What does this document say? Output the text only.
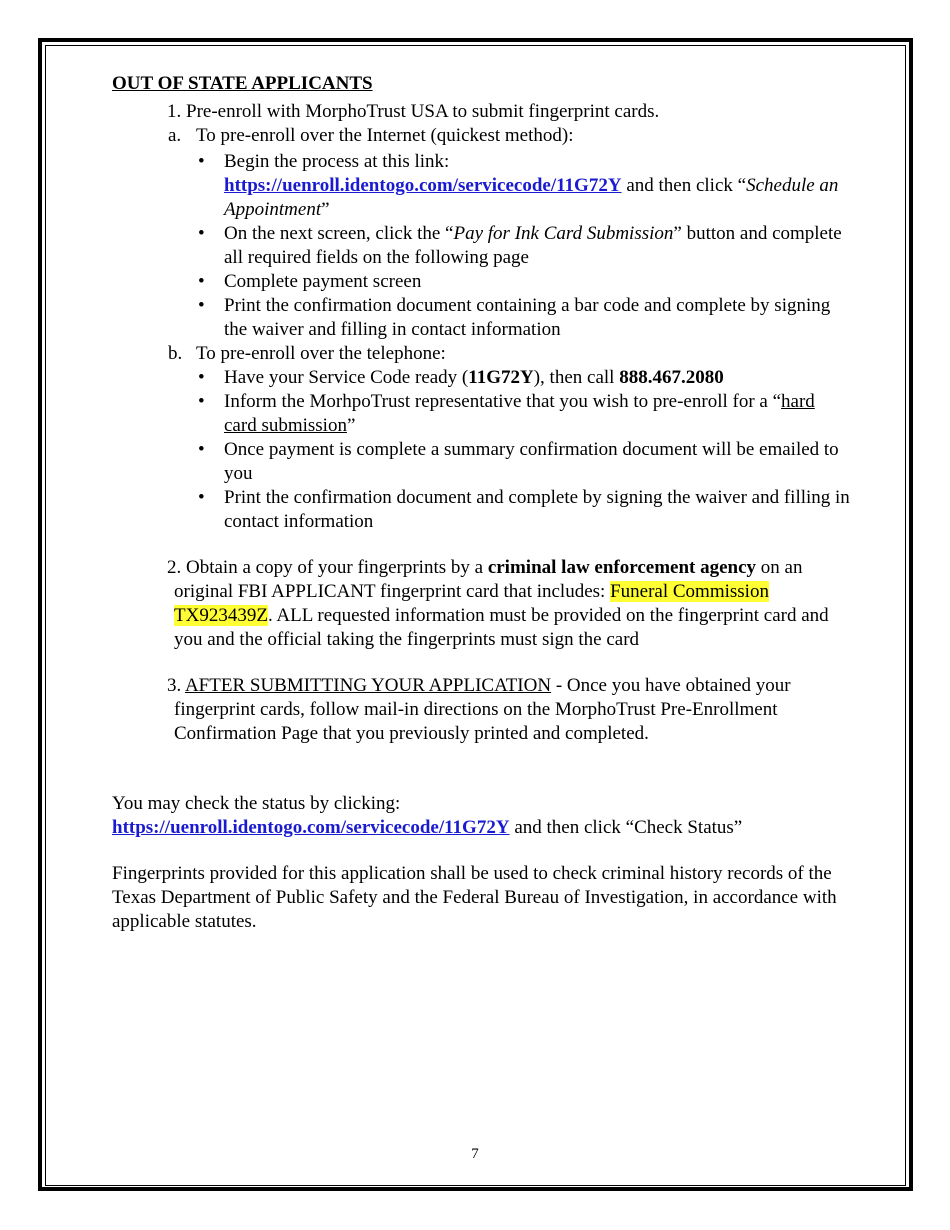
OUT OF STATE APPLICANTS

1. Pre-enroll with MorphoTrust USA to submit fingerprint cards.
a. To pre-enroll over the Internet (quickest method):
• Begin the process at this link:
https://uenroll.identogo.com/servicecode/11G72Y and then click “Schedule an Appointment”
• On the next screen, click the “Pay for Ink Card Submission” button and complete all required fields on the following page
• Complete payment screen
• Print the confirmation document containing a bar code and complete by signing the waiver and filling in contact information
b. To pre-enroll over the telephone:
• Have your Service Code ready (11G72Y), then call 888.467.2080
• Inform the MorhpoTrust representative that you wish to pre-enroll for a “hard card submission”
• Once payment is complete a summary confirmation document will be emailed to you
• Print the confirmation document and complete by signing the waiver and filling in contact information
2. Obtain a copy of your fingerprints by a criminal law enforcement agency on an original FBI APPLICANT fingerprint card that includes: Funeral Commission TX923439Z. ALL requested information must be provided on the fingerprint card and you and the official taking the fingerprints must sign the card
3. AFTER SUBMITTING YOUR APPLICATION - Once you have obtained your fingerprint cards, follow mail-in directions on the MorphoTrust Pre-Enrollment Confirmation Page that you previously printed and completed.

You may check the status by clicking:
https://uenroll.identogo.com/servicecode/11G72Y and then click “Check Status”

Fingerprints provided for this application shall be used to check criminal history records of the Texas Department of Public Safety and the Federal Bureau of Investigation, in accordance with applicable statutes.

7
